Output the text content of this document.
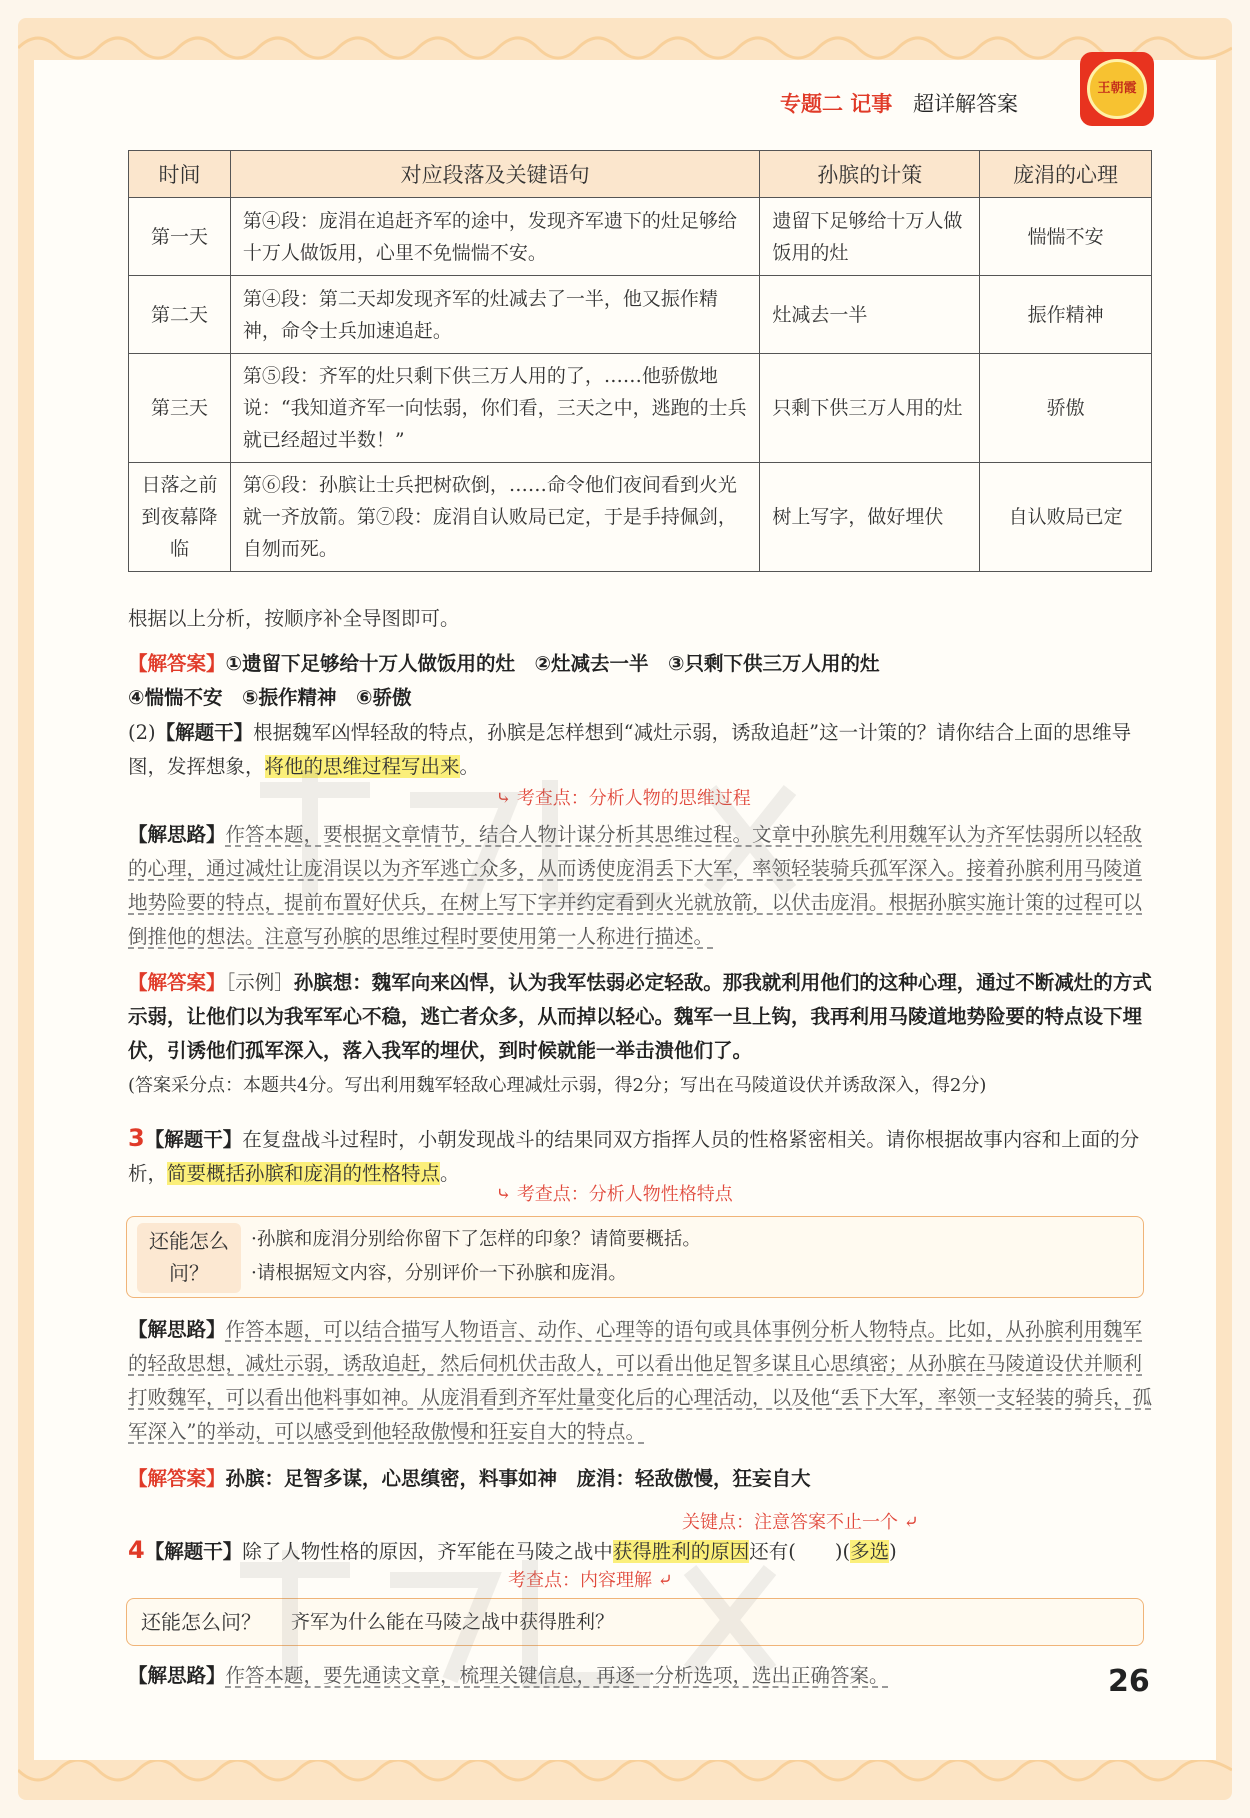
专题二 记事 超详解答案
王朝霞
时间	对应段落及关键语句	孙膑的计策	庞涓的心理
第一天	第④段：庞涓在追赶齐军的途中，发现齐军遗下的灶足够给十万人做饭用，心里不免惴惴不安。	遗留下足够给十万人做饭用的灶	惴惴不安
第二天	第④段：第二天却发现齐军的灶减去了一半，他又振作精神，命令士兵加速追赶。	灶减去一半	振作精神
第三天	第⑤段：齐军的灶只剩下供三万人用的了，……他骄傲地说：“我知道齐军一向怯弱，你们看，三天之中，逃跑的士兵就已经超过半数！”	只剩下供三万人用的灶	骄傲
日落之前到夜幕降临	第⑥段：孙膑让士兵把树砍倒，……命令他们夜间看到火光就一齐放箭。第⑦段：庞涓自认败局已定，于是手持佩剑，自刎而死。	树上写字，做好埋伏	自认败局已定
根据以上分析，按顺序补全导图即可。
【解答案】①遗留下足够给十万人做饭用的灶　②灶减去一半　③只剩下供三万人用的灶
④惴惴不安　⑤振作精神　⑥骄傲
(2)【解题干】根据魏军凶悍轻敌的特点，孙膑是怎样想到“减灶示弱，诱敌追赶”这一计策的？请你结合上面的思维导图，发挥想象，将他的思维过程写出来。
⤷ 考查点：分析人物的思维过程
【解思路】作答本题，要根据文章情节，结合人物计谋分析其思维过程。文章中孙膑先利用魏军认为齐军怯弱所以轻敌的心理，通过减灶让庞涓误以为齐军逃亡众多，从而诱使庞涓丢下大军，率领轻装骑兵孤军深入。接着孙膑利用马陵道地势险要的特点，提前布置好伏兵，在树上写下字并约定看到火光就放箭，以伏击庞涓。根据孙膑实施计策的过程可以倒推他的想法。注意写孙膑的思维过程时要使用第一人称进行描述。
【解答案】［示例］孙膑想：魏军向来凶悍，认为我军怯弱必定轻敌。那我就利用他们的这种心理，通过不断减灶的方式示弱，让他们以为我军军心不稳，逃亡者众多，从而掉以轻心。魏军一旦上钩，我再利用马陵道地势险要的特点设下埋伏，引诱他们孤军深入，落入我军的埋伏，到时候就能一举击溃他们了。
(答案采分点：本题共4分。写出利用魏军轻敌心理减灶示弱，得2分；写出在马陵道设伏并诱敌深入，得2分)
3【解题干】在复盘战斗过程时，小朝发现战斗的结果同双方指挥人员的性格紧密相关。请你根据故事内容和上面的分析，简要概括孙膑和庞涓的性格特点。
⤷ 考查点：分析人物性格特点
还能怎么问？
·孙膑和庞涓分别给你留下了怎样的印象？请简要概括。
·请根据短文内容，分别评价一下孙膑和庞涓。
【解思路】作答本题，可以结合描写人物语言、动作、心理等的语句或具体事例分析人物特点。比如，从孙膑利用魏军的轻敌思想，减灶示弱，诱敌追赶，然后伺机伏击敌人，可以看出他足智多谋且心思缜密；从孙膑在马陵道设伏并顺利打败魏军，可以看出他料事如神。从庞涓看到齐军灶量变化后的心理活动，以及他“丢下大军，率领一支轻装的骑兵，孤军深入”的举动，可以感受到他轻敌傲慢和狂妄自大的特点。
【解答案】孙膑：足智多谋，心思缜密，料事如神　庞涓：轻敌傲慢，狂妄自大
关键点：注意答案不止一个 ⤶
4【解题干】除了人物性格的原因，齐军能在马陵之战中获得胜利的原因还有(　　)(多选)
考查点：内容理解 ⤶
还能怎么问？ 齐军为什么能在马陵之战中获得胜利？
【解思路】作答本题，要先通读文章，梳理关键信息，再逐一分析选项，选出正确答案。	26
